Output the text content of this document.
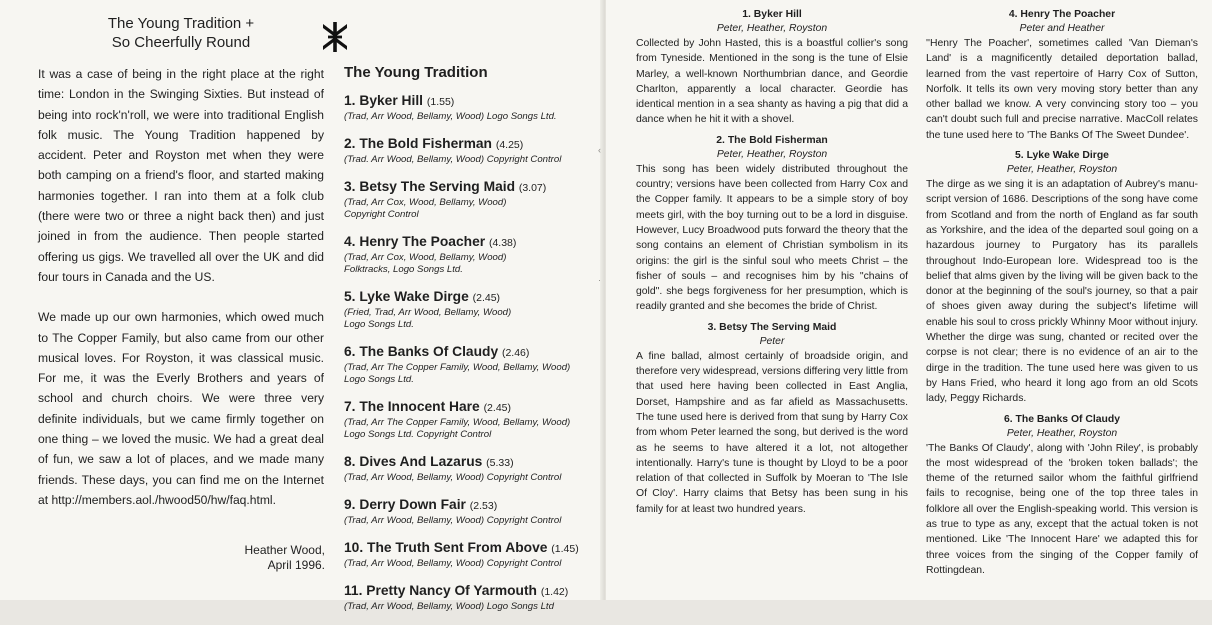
The Young Tradition +
So Cheerfully Round

It was a case of being in the right place at the right time: London in the Swinging Sixties. But instead of being into rock'n'roll, we were into traditional English folk music. The Young Tradition happened by accident. Peter and Royston met when they were both camping on a friend's floor, and started making harmonies together. I ran into them at a folk club (there were two or three a night back then) and just joined in from the audience. Then people started offering us gigs. We travelled all over the UK and did four tours in Canada and the US.

We made up our own harmonies, which owed much to The Copper Family, but also came from our other musical loves. For Royston, it was classical music. For me, it was the Everly Brothers and years of school and church choirs. We were three very definite individuals, but we came firmly together on one thing – we loved the music. We had a great deal of fun, we saw a lot of places, and we made many friends. These days, you can find me on the Internet at http://members.aol./hwood50/hw/faq.html.

Heather Wood,
April 1996.
The Young Tradition
1. Byker Hill (1.55)
(Trad, Arr Wood, Bellamy, Wood) Logo Songs Ltd.
2. The Bold Fisherman (4.25)
(Trad. Arr Wood, Bellamy, Wood) Copyright Control
3. Betsy The Serving Maid (3.07)
(Trad, Arr Cox, Wood, Bellamy, Wood)
Copyright Control
4. Henry The Poacher (4.38)
(Trad, Arr Cox, Wood, Bellamy, Wood)
Folktracks, Logo Songs Ltd.
5. Lyke Wake Dirge (2.45)
(Fried, Trad, Arr Wood, Bellamy, Wood)
Logo Songs Ltd.
6. The Banks Of Claudy (2.46)
(Trad, Arr The Copper Family, Wood, Bellamy, Wood)
Logo Songs Ltd.
7. The Innocent Hare (2.45)
(Trad, Arr The Copper Family, Wood, Bellamy, Wood)
Logo Songs Ltd. Copyright Control
8. Dives And Lazarus (5.33)
(Trad, Arr Wood, Bellamy, Wood) Copyright Control
9. Derry Down Fair (2.53)
(Trad, Arr Wood, Bellamy, Wood) Copyright Control
10. The Truth Sent From Above (1.45)
(Trad, Arr Wood, Bellamy, Wood) Copyright Control
11. Pretty Nancy Of Yarmouth (1.42)
(Trad, Arr Wood, Bellamy, Wood) Logo Songs Ltd
‹
·
1. Byker Hill
Peter, Heather, Royston
Collected by John Hasted, this is a boastful collier's song from Tyneside. Mentioned in the song is the tune of Elsie Marley, a well-known Northumbrian dance, and Geordie Charlton, apparently a local character. Geordie has identical mention in a sea shanty as having a pig that did a dance when he hit it with a shovel.
2. The Bold Fisherman
Peter, Heather, Royston
This song has been widely distributed throughout the country; versions have been collected from Harry Cox and the Copper family. It appears to be a simple story of boy meets girl, with the boy turning out to be a lord in disguise. However, Lucy Broadwood puts forward the theory that the song contains an element of Christian symbolism in its origins: the girl is the sinful soul who meets Christ – the fisher of souls – and recognises him by his "chains of gold". she begs forgiveness for her presumption, which is readily granted and she becomes the bride of Christ.
3. Betsy The Serving Maid
Peter
A fine ballad, almost certainly of broadside origin, and therefore very widespread, versions differing very little from that used here having been collected in East Anglia, Dorset, Hampshire and as far afield as Massachusetts. The tune used here is derived from that sung by Harry Cox from whom Peter learned the song, but derived is the word as he seems to have altered it a lot, not altogether intentionally. Harry's tune is thought by Lloyd to be a poor relation of that collected in Suffolk by Moeran to 'The Isle Of Cloy'. Harry claims that Betsy has been sung in his family for at least two hundred years.
4. Henry The Poacher
Peter and Heather
''Henry The Poacher', sometimes called 'Van Dieman's Land' is a magnificently detailed deportation ballad, learned from the vast repertoire of Harry Cox of Sutton, Norfolk. It tells its own very moving story better than any other ballad we know. A very convincing story too – you can't doubt such full and precise narrative. MacColl relates the tune used here to 'The Banks Of The Sweet Dundee'.
5. Lyke Wake Dirge
Peter, Heather, Royston
The dirge as we sing it is an adaptation of Aubrey's manu-script version of 1686. Descriptions of the song have come from Scotland and from the north of England as far south as Yorkshire, and the idea of the departed soul going on a hazardous journey to Purgatory has its parallels throughout Indo-European lore. Widespread too is the belief that alms given by the living will be given back to the donor at the beginning of the soul's journey, so that a pair of shoes given away during the subject's lifetime will enable his soul to cross prickly Whinny Moor without injury. Whether the dirge was sung, chanted or recited over the corpse is not clear; there is no evidence of an air to the dirge in the tradition. The tune used here was given to us by Hans Fried, who heard it long ago from an old Scots lady, Peggy Richards.
6. The Banks Of Claudy
Peter, Heather, Royston
'The Banks Of Claudy', along with 'John Riley', is probably the most widespread of the 'broken token ballads'; the theme of the returned sailor whom the faithful girlfriend fails to recognise, being one of the top three tales in folklore all over the English-speaking world. This version is as true to type as any, except that the actual token is not mentioned. Like 'The Innocent Hare' we adapted this for three voices from the singing of the Copper family of Rottingdean.
